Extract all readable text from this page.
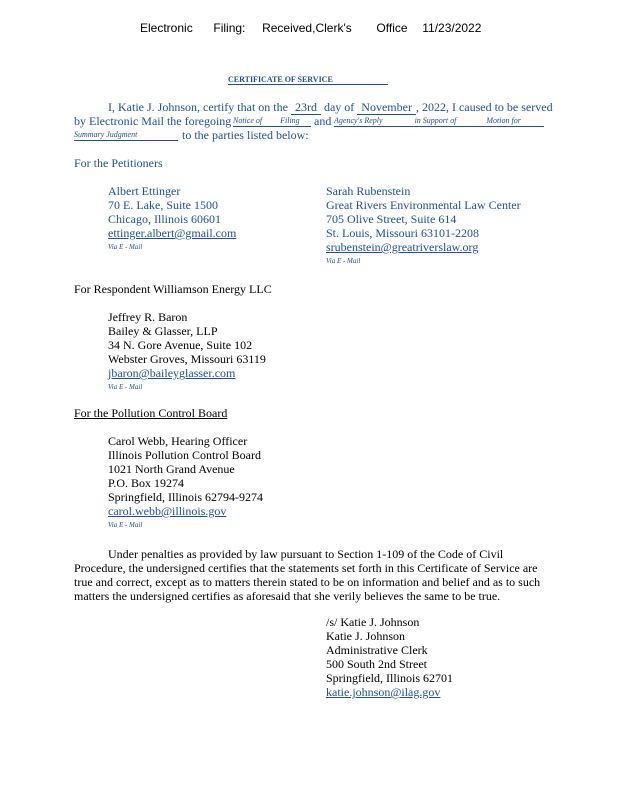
Electronic Filing: Received,Clerk's Office 11/23/2022
CERTIFICATE OF SERVICE
I, Katie J. Johnson, certify that on the 23rd day of November , 2022, I caused to be served
by Electronic Mail the foregoing Notice of Filing	and Agency's Reply	in Support of	Motion for
Summary Judgment	to the parties listed below:
For the Petitioners
Albert Ettinger
70 E. Lake, Suite 1500
Chicago, Illinois 60601
ettinger.albert@gmail.com
Via E - Mail
Sarah Rubenstein
Great Rivers Environmental Law Center
705 Olive Street, Suite 614
St. Louis, Missouri 63101-2208
srubenstein@greatriverslaw.org
Via E - Mail
For Respondent Williamson Energy LLC
Jeffrey R. Baron
Bailey & Glasser, LLP
34 N. Gore Avenue, Suite 102
Webster Groves, Missouri 63119
jbaron@baileyglasser.com
Via E - Mail
For the Pollution Control Board
Carol Webb, Hearing Officer
Illinois Pollution Control Board
1021 North Grand Avenue
P.O. Box 19274
Springfield, Illinois 62794-9274
carol.webb@illinois.gov
Via E - Mail
Under penalties as provided by law pursuant to Section 1-109 of the Code of Civil
Procedure, the undersigned certifies that the statements set forth in this Certificate of Service are
true and correct, except as to matters therein stated to be on information and belief and as to such
matters the undersigned certifies as aforesaid that she verily believes the same to be true.
/s/ Katie J. Johnson
Katie J. Johnson
Administrative Clerk
500 South 2nd Street
Springfield, Illinois 62701
katie.johnson@ilag.gov
